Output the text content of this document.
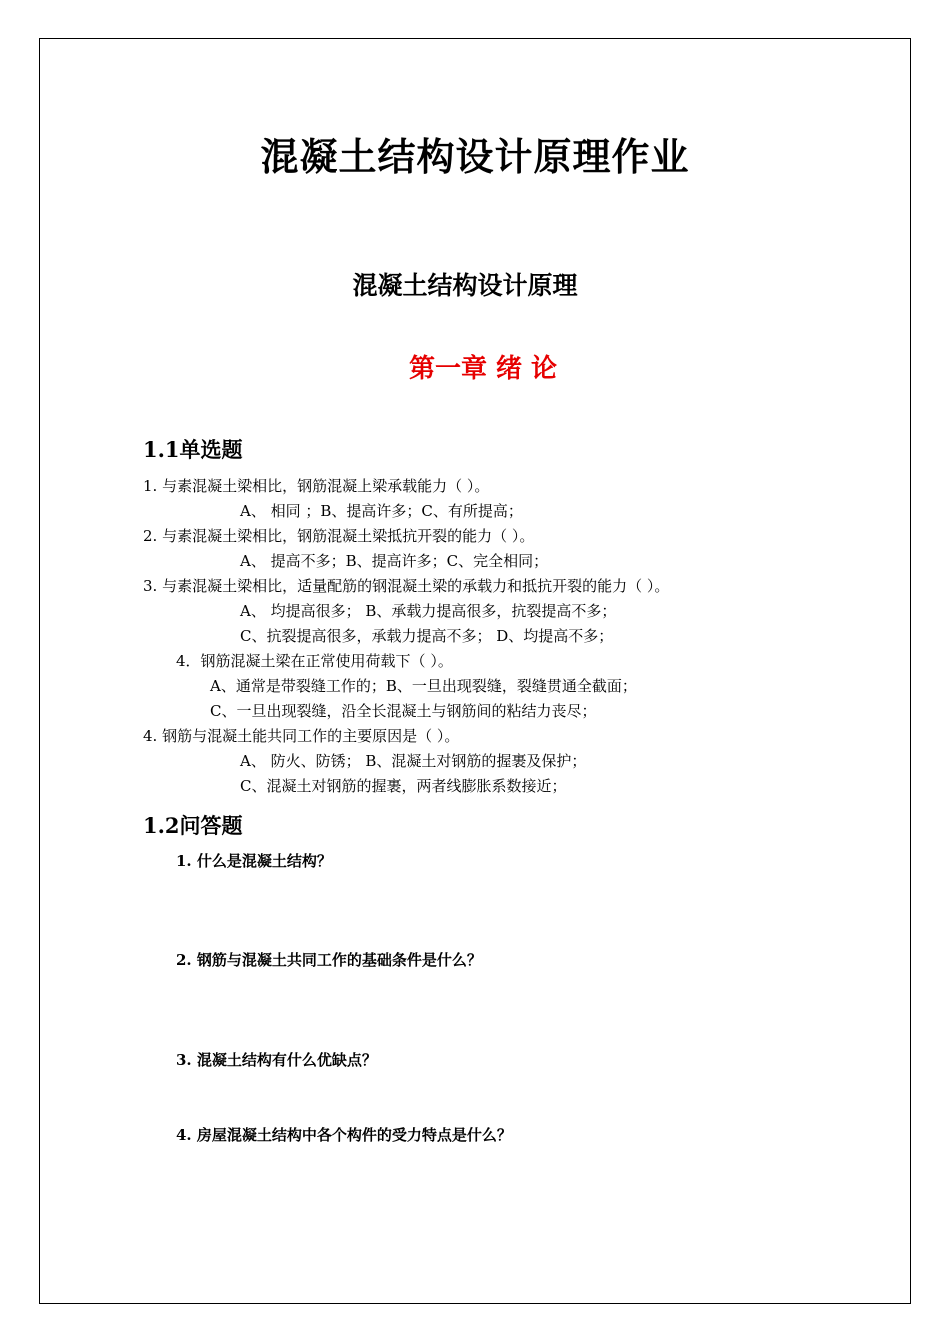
混凝土结构设计原理作业
混凝土结构设计原理
第一章 绪 论
1.1单选题
1. 与素混凝土梁相比，钢筋混凝上梁承载能力（ ）。
A、 相同 ；B、提高许多；C、有所提高；
2. 与素混凝土梁相比，钢筋混凝土梁抵抗开裂的能力（ ）。
A、 提高不多；B、提高许多；C、完全相同；
3. 与素混凝土梁相比，适量配筋的钢混凝土梁的承载力和抵抗开裂的能力（ ）。
A、 均提高很多； B、承载力提高很多，抗裂提高不多；
C、抗裂提高很多，承载力提高不多； D、均提高不多；
4．钢筋混凝土梁在正常使用荷载下（ ）。
A、通常是带裂缝工作的；B、一旦出现裂缝，裂缝贯通全截面；
C、一旦出现裂缝，沿全长混凝土与钢筋间的粘结力丧尽；
4. 钢筋与混凝土能共同工作的主要原因是（ ）。
A、 防火、防锈； B、混凝土对钢筋的握裹及保护；
C、混凝土对钢筋的握裹，两者线膨胀系数接近；
1.2问答题
1. 什么是混凝土结构？
2. 钢筋与混凝土共同工作的基础条件是什么？
3. 混凝土结构有什么优缺点？
4. 房屋混凝土结构中各个构件的受力特点是什么？
